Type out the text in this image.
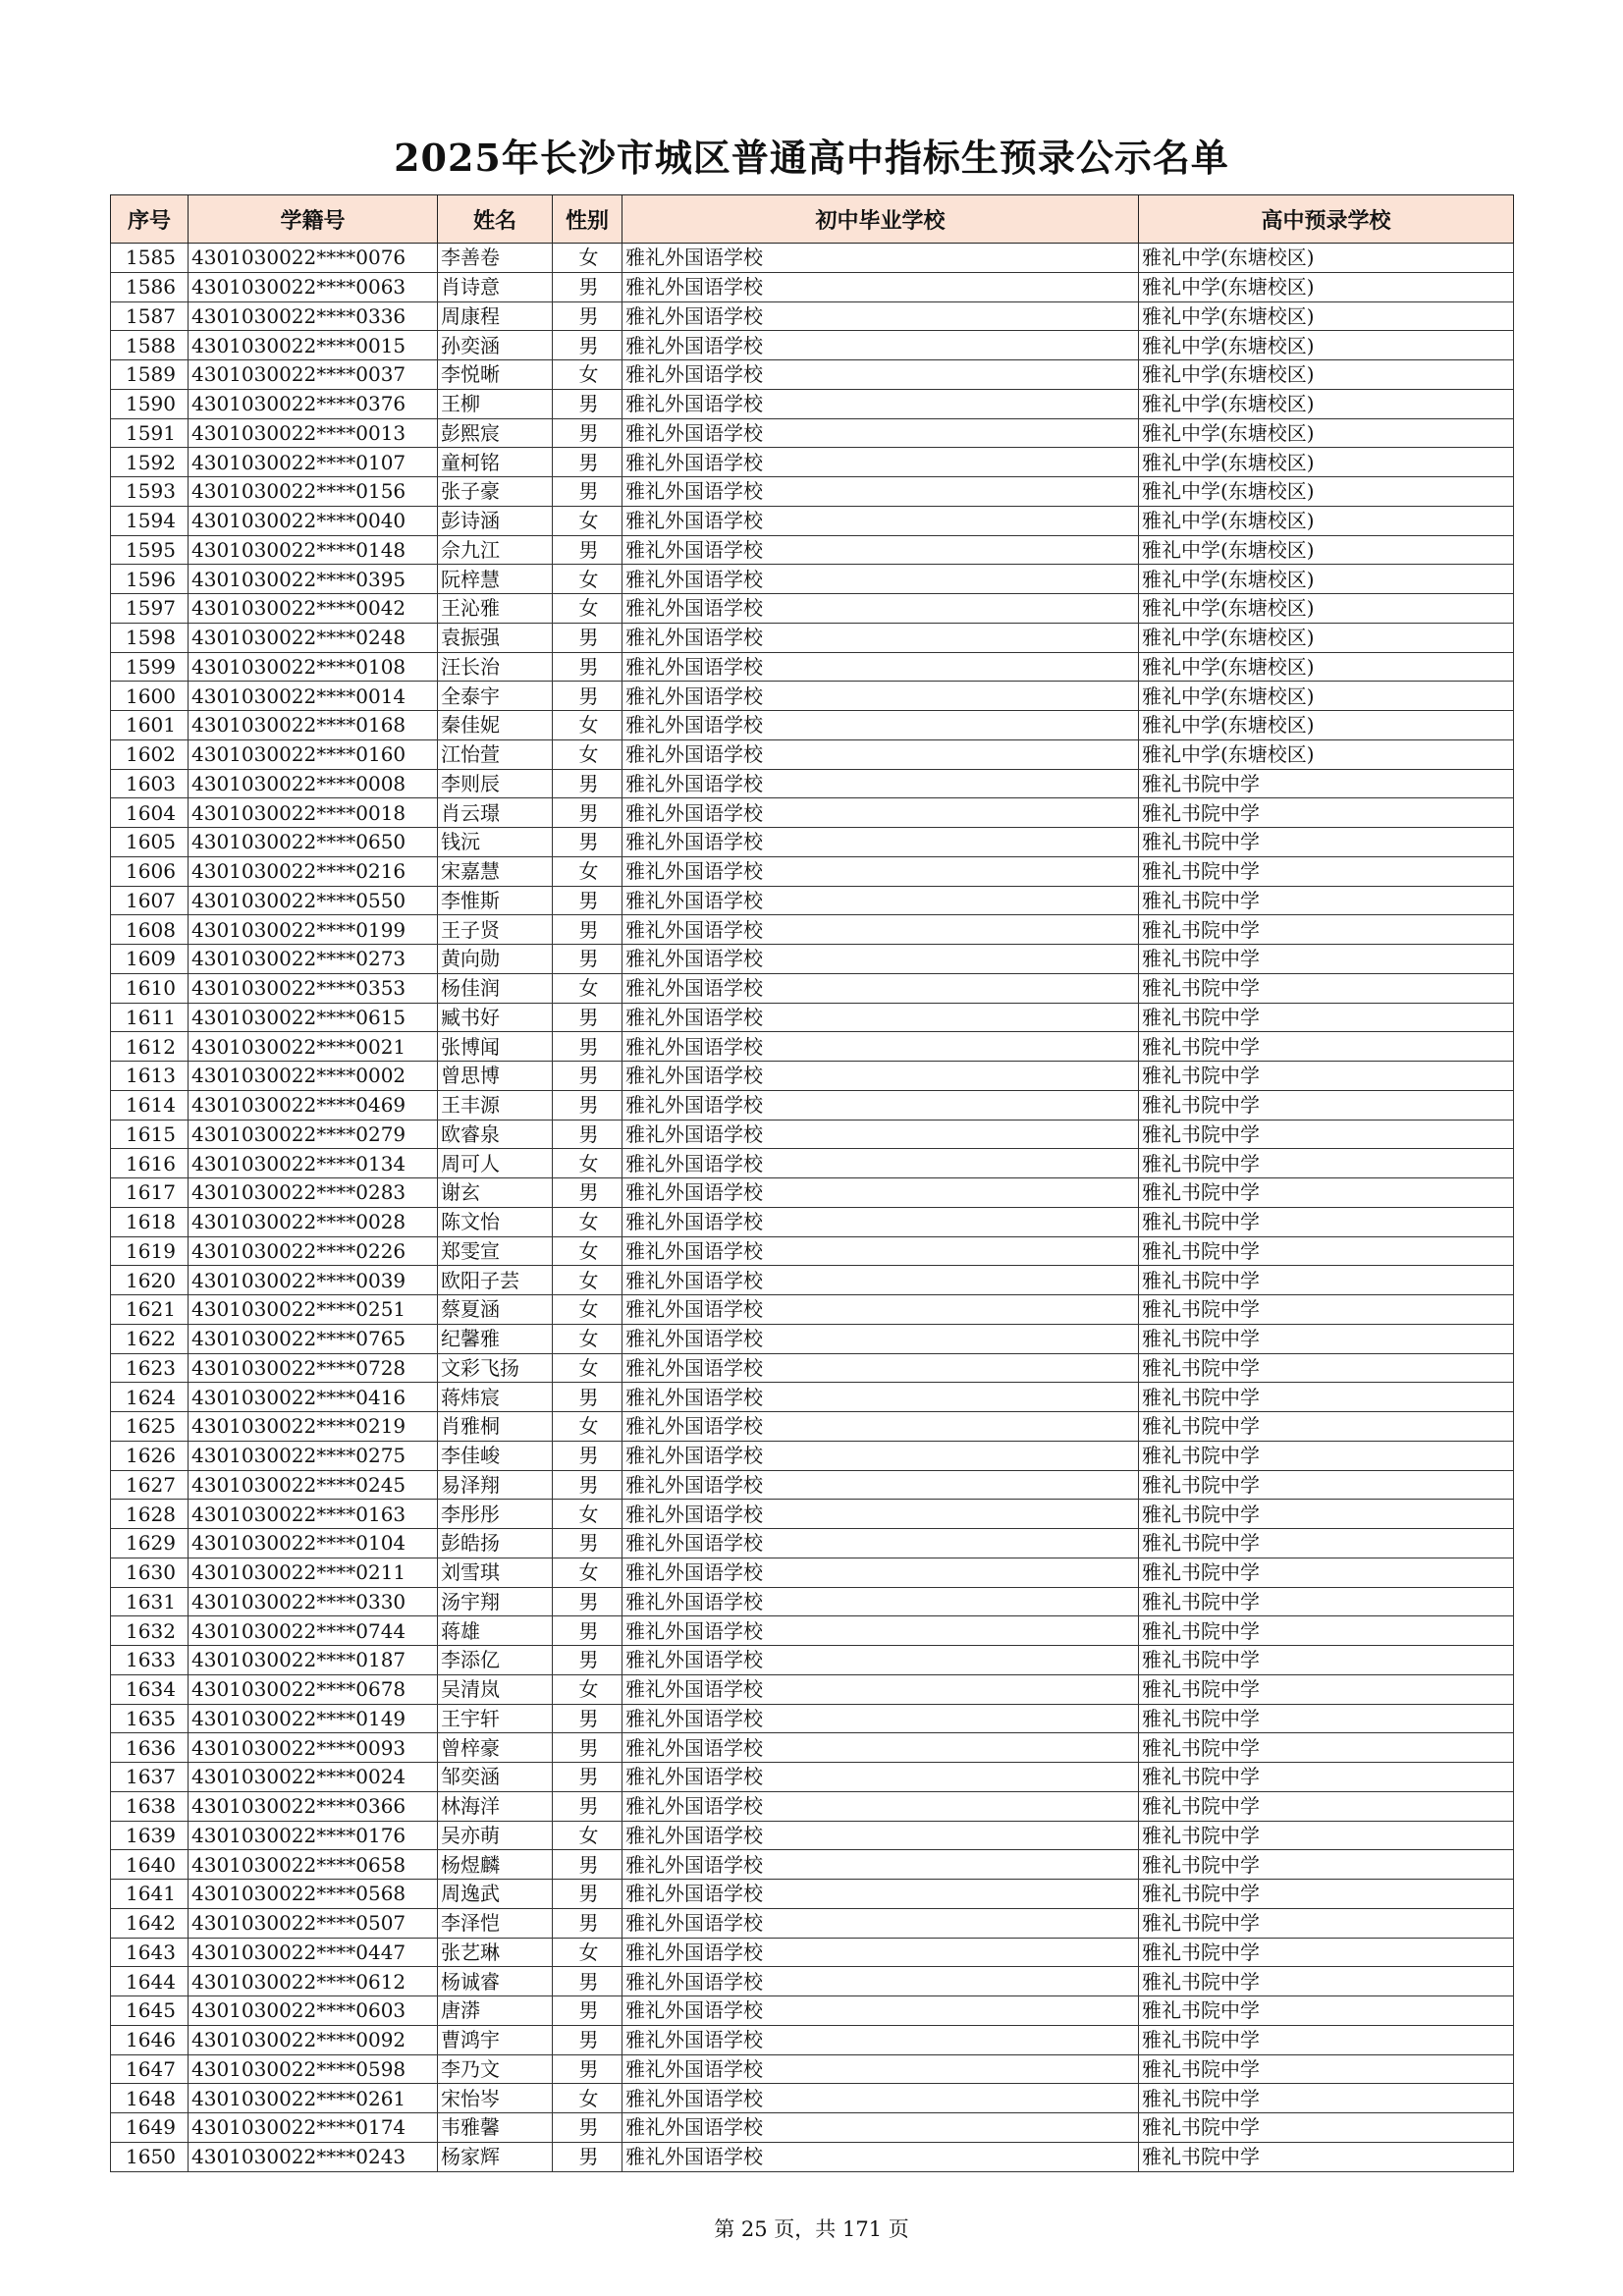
2025年长沙市城区普通高中指标生预录公示名单
序号	学籍号	姓名	性别	初中毕业学校	高中预录学校
1585	4301030022****0076	李善卷	女	雅礼外国语学校	雅礼中学(东塘校区)
1586	4301030022****0063	肖诗意	男	雅礼外国语学校	雅礼中学(东塘校区)
1587	4301030022****0336	周康程	男	雅礼外国语学校	雅礼中学(东塘校区)
1588	4301030022****0015	孙奕涵	男	雅礼外国语学校	雅礼中学(东塘校区)
1589	4301030022****0037	李悦晰	女	雅礼外国语学校	雅礼中学(东塘校区)
1590	4301030022****0376	王柳	男	雅礼外国语学校	雅礼中学(东塘校区)
1591	4301030022****0013	彭熙宸	男	雅礼外国语学校	雅礼中学(东塘校区)
1592	4301030022****0107	童柯铭	男	雅礼外国语学校	雅礼中学(东塘校区)
1593	4301030022****0156	张子豪	男	雅礼外国语学校	雅礼中学(东塘校区)
1594	4301030022****0040	彭诗涵	女	雅礼外国语学校	雅礼中学(东塘校区)
1595	4301030022****0148	佘九江	男	雅礼外国语学校	雅礼中学(东塘校区)
1596	4301030022****0395	阮梓慧	女	雅礼外国语学校	雅礼中学(东塘校区)
1597	4301030022****0042	王沁雅	女	雅礼外国语学校	雅礼中学(东塘校区)
1598	4301030022****0248	袁振强	男	雅礼外国语学校	雅礼中学(东塘校区)
1599	4301030022****0108	汪长治	男	雅礼外国语学校	雅礼中学(东塘校区)
1600	4301030022****0014	全泰宇	男	雅礼外国语学校	雅礼中学(东塘校区)
1601	4301030022****0168	秦佳妮	女	雅礼外国语学校	雅礼中学(东塘校区)
1602	4301030022****0160	江怡萱	女	雅礼外国语学校	雅礼中学(东塘校区)
1603	4301030022****0008	李则辰	男	雅礼外国语学校	雅礼书院中学
1604	4301030022****0018	肖云璟	男	雅礼外国语学校	雅礼书院中学
1605	4301030022****0650	钱沅	男	雅礼外国语学校	雅礼书院中学
1606	4301030022****0216	宋嘉慧	女	雅礼外国语学校	雅礼书院中学
1607	4301030022****0550	李惟斯	男	雅礼外国语学校	雅礼书院中学
1608	4301030022****0199	王子贤	男	雅礼外国语学校	雅礼书院中学
1609	4301030022****0273	黄向勋	男	雅礼外国语学校	雅礼书院中学
1610	4301030022****0353	杨佳润	女	雅礼外国语学校	雅礼书院中学
1611	4301030022****0615	臧书好	男	雅礼外国语学校	雅礼书院中学
1612	4301030022****0021	张博闻	男	雅礼外国语学校	雅礼书院中学
1613	4301030022****0002	曾思博	男	雅礼外国语学校	雅礼书院中学
1614	4301030022****0469	王丰源	男	雅礼外国语学校	雅礼书院中学
1615	4301030022****0279	欧睿泉	男	雅礼外国语学校	雅礼书院中学
1616	4301030022****0134	周可人	女	雅礼外国语学校	雅礼书院中学
1617	4301030022****0283	谢玄	男	雅礼外国语学校	雅礼书院中学
1618	4301030022****0028	陈文怡	女	雅礼外国语学校	雅礼书院中学
1619	4301030022****0226	郑雯宣	女	雅礼外国语学校	雅礼书院中学
1620	4301030022****0039	欧阳子芸	女	雅礼外国语学校	雅礼书院中学
1621	4301030022****0251	蔡夏涵	女	雅礼外国语学校	雅礼书院中学
1622	4301030022****0765	纪馨雅	女	雅礼外国语学校	雅礼书院中学
1623	4301030022****0728	文彩飞扬	女	雅礼外国语学校	雅礼书院中学
1624	4301030022****0416	蒋炜宸	男	雅礼外国语学校	雅礼书院中学
1625	4301030022****0219	肖雅桐	女	雅礼外国语学校	雅礼书院中学
1626	4301030022****0275	李佳峻	男	雅礼外国语学校	雅礼书院中学
1627	4301030022****0245	易泽翔	男	雅礼外国语学校	雅礼书院中学
1628	4301030022****0163	李彤彤	女	雅礼外国语学校	雅礼书院中学
1629	4301030022****0104	彭皓扬	男	雅礼外国语学校	雅礼书院中学
1630	4301030022****0211	刘雪琪	女	雅礼外国语学校	雅礼书院中学
1631	4301030022****0330	汤宇翔	男	雅礼外国语学校	雅礼书院中学
1632	4301030022****0744	蒋雄	男	雅礼外国语学校	雅礼书院中学
1633	4301030022****0187	李添亿	男	雅礼外国语学校	雅礼书院中学
1634	4301030022****0678	吴清岚	女	雅礼外国语学校	雅礼书院中学
1635	4301030022****0149	王宇轩	男	雅礼外国语学校	雅礼书院中学
1636	4301030022****0093	曾梓豪	男	雅礼外国语学校	雅礼书院中学
1637	4301030022****0024	邹奕涵	男	雅礼外国语学校	雅礼书院中学
1638	4301030022****0366	林海洋	男	雅礼外国语学校	雅礼书院中学
1639	4301030022****0176	吴亦萌	女	雅礼外国语学校	雅礼书院中学
1640	4301030022****0658	杨煜麟	男	雅礼外国语学校	雅礼书院中学
1641	4301030022****0568	周逸武	男	雅礼外国语学校	雅礼书院中学
1642	4301030022****0507	李泽恺	男	雅礼外国语学校	雅礼书院中学
1643	4301030022****0447	张艺琳	女	雅礼外国语学校	雅礼书院中学
1644	4301030022****0612	杨诚睿	男	雅礼外国语学校	雅礼书院中学
1645	4301030022****0603	唐漭	男	雅礼外国语学校	雅礼书院中学
1646	4301030022****0092	曹鸿宇	男	雅礼外国语学校	雅礼书院中学
1647	4301030022****0598	李乃文	男	雅礼外国语学校	雅礼书院中学
1648	4301030022****0261	宋怡岑	女	雅礼外国语学校	雅礼书院中学
1649	4301030022****0174	韦雅馨	男	雅礼外国语学校	雅礼书院中学
1650	4301030022****0243	杨家辉	男	雅礼外国语学校	雅礼书院中学
第 25 页，共 171 页
